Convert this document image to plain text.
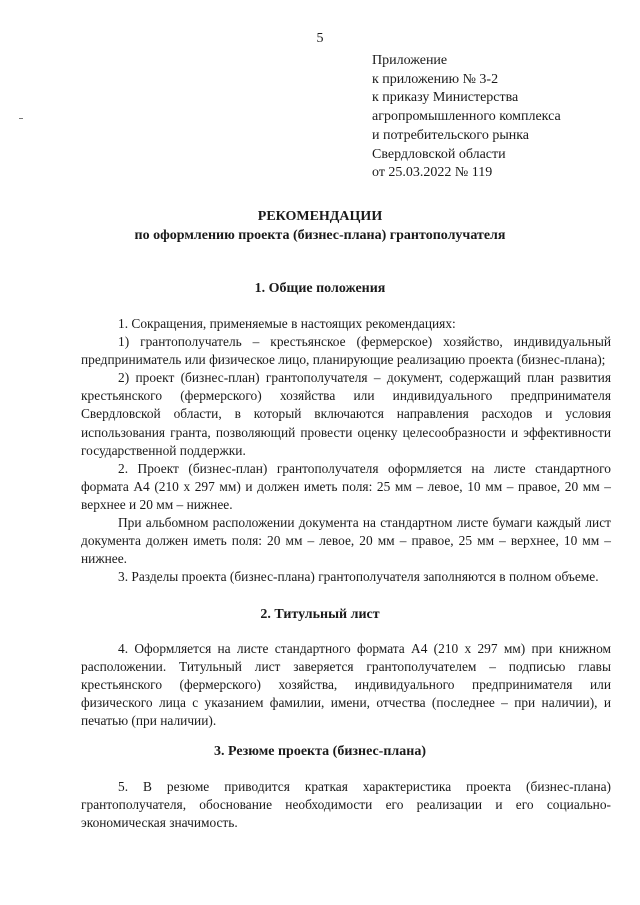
5
Приложение
к приложению № 3-2
к приказу Министерства
агропромышленного комплекса
и потребительского рынка
Свердловской области
от 25.03.2022 № 119
РЕКОМЕНДАЦИИ
по оформлению проекта (бизнес-плана) грантополучателя
1. Общие положения

1. Сокращения, применяемые в настоящих рекомендациях:

1) грантополучатель – крестьянское (фермерское) хозяйство, индивидуальный предприниматель или физическое лицо, планирующие реализацию проекта (бизнес-плана);

2) проект (бизнес-план) грантополучателя – документ, содержащий план развития крестьянского (фермерского) хозяйства или индивидуального предпринимателя Свердловской области, в который включаются направления расходов и условия использования гранта, позволяющий провести оценку целесообразности и эффективности государственной поддержки.

2. Проект (бизнес-план) грантополучателя оформляется на листе стандартного формата А4 (210 х 297 мм) и должен иметь поля: 25 мм – левое, 10 мм – правое, 20 мм – верхнее и 20 мм – нижнее.

При альбомном расположении документа на стандартном листе бумаги каждый лист документа должен иметь поля: 20 мм – левое, 20 мм – правое, 25 мм – верхнее, 10 мм – нижнее.

3. Разделы проекта (бизнес-плана) грантополучателя заполняются в полном объеме.

2. Титульный лист

4. Оформляется на листе стандартного формата А4 (210 х 297 мм) при книжном расположении. Титульный лист заверяется грантополучателем – подписью главы крестьянского (фермерского) хозяйства, индивидуального предпринимателя или физического лица с указанием фамилии, имени, отчества (последнее – при наличии), и печатью (при наличии).

3. Резюме проекта (бизнес-плана)

5. В резюме приводится краткая характеристика проекта (бизнес-плана) грантополучателя, обоснование необходимости его реализации и его социально-экономическая значимость.
